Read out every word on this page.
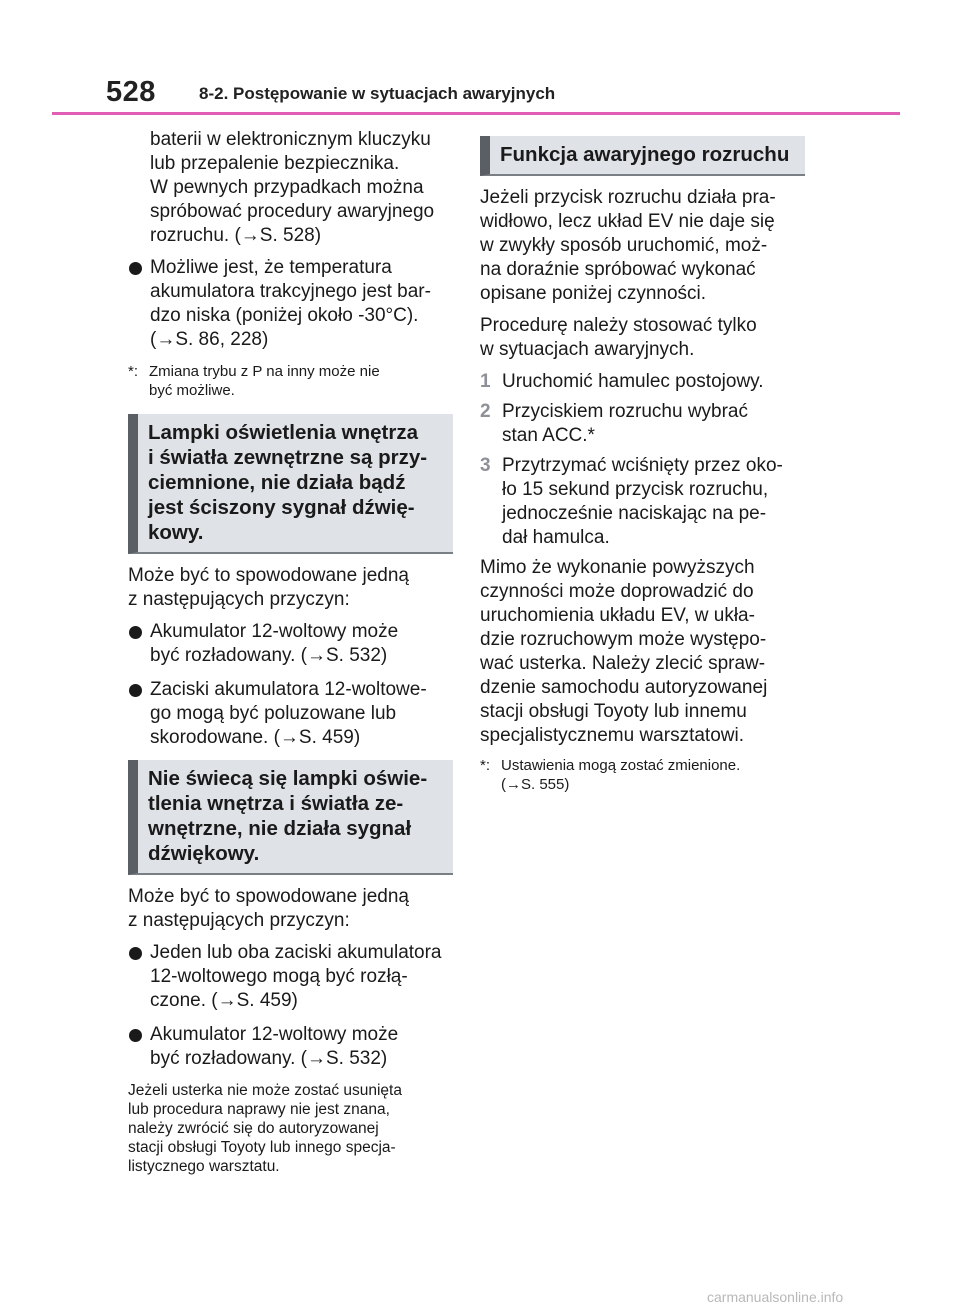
528	8-2. Postępowanie w sytuacjach awaryjnych
baterii w elektronicznym kluczyku
lub przepalenie bezpiecznika.
W pewnych przypadkach można
spróbować procedury awaryjnego
rozruchu. (→S. 528)
Możliwe jest, że temperatura
akumulatora trakcyjnego jest bar-
dzo niska (poniżej około -30°C).
(→S. 86, 228)
*: Zmiana trybu z P na inny może nie
być możliwe.
Lampki oświetlenia wnętrza
i światła zewnętrzne są przy-
ciemnione, nie działa bądź
jest ściszony sygnał dźwię-
kowy.
Może być to spowodowane jedną
z następujących przyczyn:
Akumulator 12-woltowy może
być rozładowany. (→S. 532)
Zaciski akumulatora 12-woltowe-
go mogą być poluzowane lub
skorodowane. (→S. 459)
Nie świecą się lampki oświe-
tlenia wnętrza i światła ze-
wnętrzne, nie działa sygnał
dźwiękowy.
Może być to spowodowane jedną
z następujących przyczyn:
Jeden lub oba zaciski akumulatora
12-woltowego mogą być rozłą-
czone. (→S. 459)
Akumulator 12-woltowy może
być rozładowany. (→S. 532)
Jeżeli usterka nie może zostać usunięta
lub procedura naprawy nie jest znana,
należy zwrócić się do autoryzowanej
stacji obsługi Toyoty lub innego specja-
listycznego warsztatu.
Funkcja awaryjnego rozruchu
Jeżeli przycisk rozruchu działa pra-
widłowo, lecz układ EV nie daje się
w zwykły sposób uruchomić, moż-
na doraźnie spróbować wykonać
opisane poniżej czynności.
Procedurę należy stosować tylko
w sytuacjach awaryjnych.
1 Uruchomić hamulec postojowy.
2 Przyciskiem rozruchu wybrać
stan ACC.*
3 Przytrzymać wciśnięty przez oko-
ło 15 sekund przycisk rozruchu,
jednocześnie naciskając na pe-
dał hamulca.
Mimo że wykonanie powyższych
czynności może doprowadzić do
uruchomienia układu EV, w ukła-
dzie rozruchowym może występo-
wać usterka. Należy zlecić spraw-
dzenie samochodu autoryzowanej
stacji obsługi Toyoty lub innemu
specjalistycznemu warsztatowi.
*: Ustawienia mogą zostać zmienione.
(→S. 555)
carmanualsonline.info
